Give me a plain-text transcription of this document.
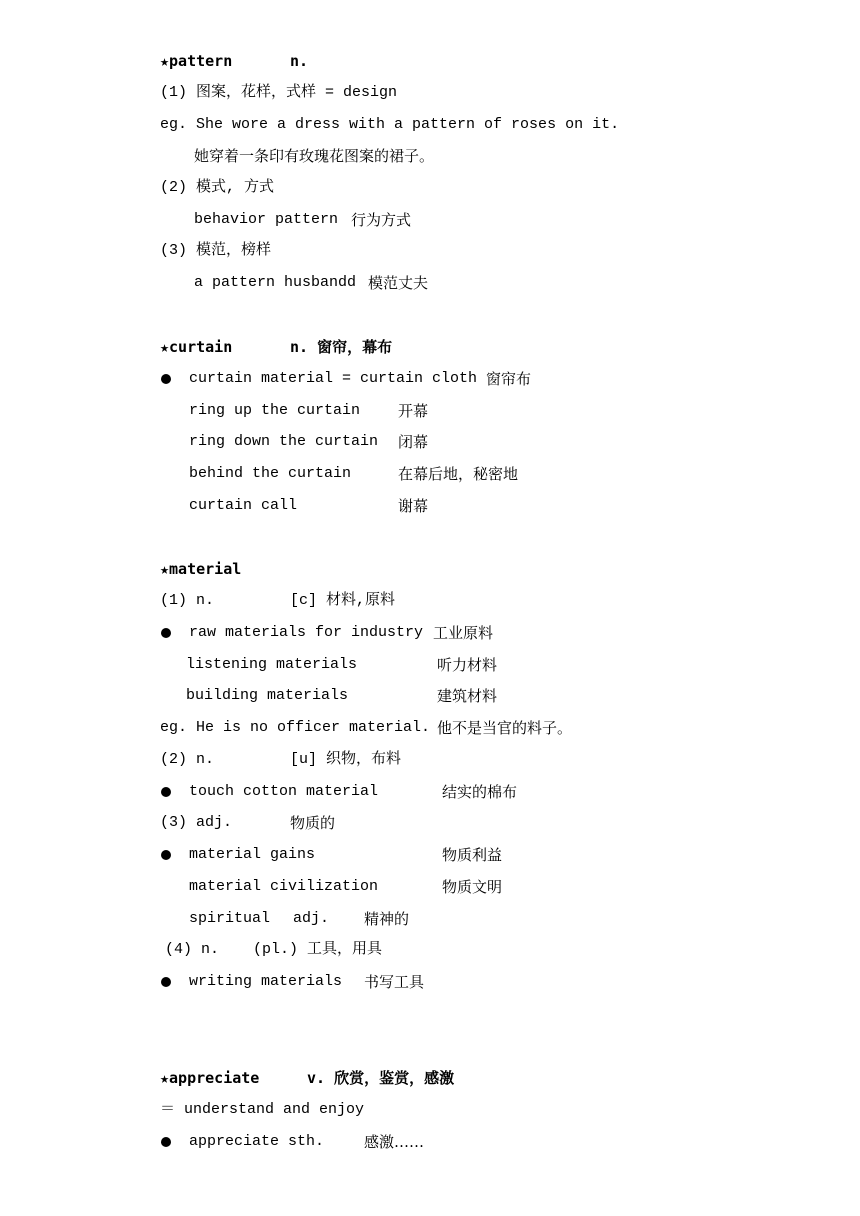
★pattern	n.
(1) 图案，花样，式样 = design
eg. She wore a dress with a pattern of roses on it.
她穿着一条印有玫瑰花图案的裙子。
(2) 模式, 方式
behavior pattern 行为方式
(3) 模范，榜样
a pattern husbandd 模范丈夫
★curtain	n. 窗帘，幕布
curtain material = curtain cloth 窗帘布
ring up the curtain	开幕
ring down the curtain 闭幕
behind the curtain	在幕后地，秘密地
curtain call	谢幕
★material
(1) n.	[c] 材料,原料
raw materials for industry 工业原料
listening materials	听力材料
building materials	建筑材料
eg. He is no officer material. 他不是当官的料子。
(2) n.	[u] 织物，布料
touch cotton material	结实的棉布
(3) adj.	物质的
material gains	物质利益
material civilization	物质文明
spiritual adj. 精神的
(4) n. (pl.) 工具，用具
writing materials 书写工具
★appreciate	v. 欣赏，鉴赏，感激
＝ understand and enjoy
appreciate sth.	感激……
